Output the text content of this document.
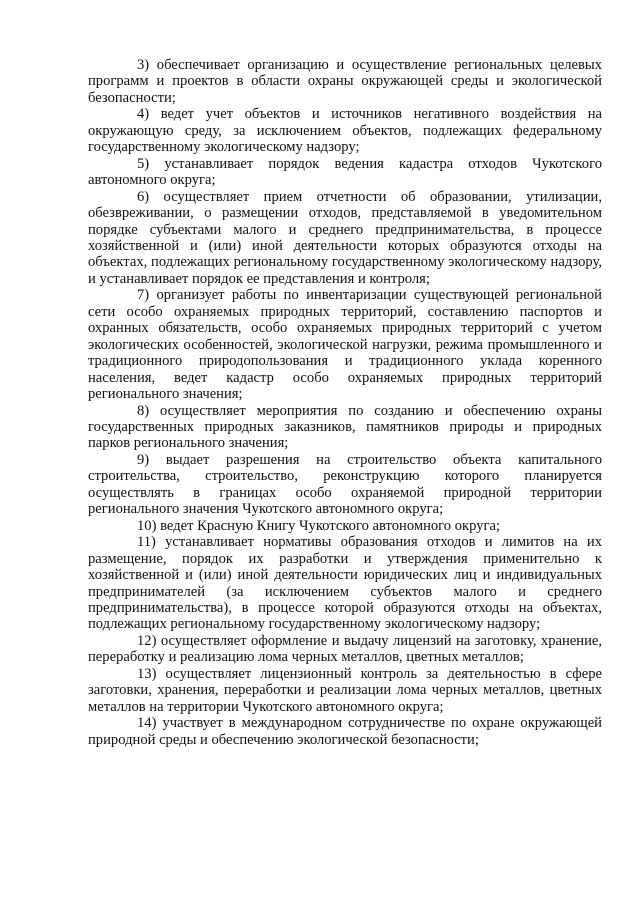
3) обеспечивает организацию и осуществление региональных целевых программ и проектов в области охраны окружающей среды и экологической безопасности;

4) ведет учет объектов и источников негативного воздействия на окружающую среду, за исключением объектов, подлежащих федеральному государственному экологическому надзору;

5) устанавливает порядок ведения кадастра отходов Чукотского автономного округа;

6) осуществляет прием отчетности об образовании, утилизации, обезвреживании, о размещении отходов, представляемой в уведомительном порядке субъектами малого и среднего предпринимательства, в процессе хозяйственной и (или) иной деятельности которых образуются отходы на объектах, подлежащих региональному государственному экологическому надзору, и устанавливает порядок ее представления и контроля;

7) организует работы по инвентаризации существующей региональной сети особо охраняемых природных территорий, составлению паспортов и охранных обязательств, особо охраняемых природных территорий с учетом экологических особенностей, экологической нагрузки, режима промышленного и традиционного природопользования и традиционного уклада коренного населения, ведет кадастр особо охраняемых природных территорий регионального значения;

8) осуществляет мероприятия по созданию и обеспечению охраны государственных природных заказников, памятников природы и природных парков регионального значения;

9) выдает разрешения на строительство объекта капитального строительства, строительство, реконструкцию которого планируется осуществлять в границах особо охраняемой природной территории регионального значения Чукотского автономного округа;

10) ведет Красную Книгу Чукотского автономного округа;

11) устанавливает нормативы образования отходов и лимитов на их размещение, порядок их разработки и утверждения применительно к хозяйственной и (или) иной деятельности юридических лиц и индивидуальных предпринимателей (за исключением субъектов малого и среднего предпринимательства), в процессе которой образуются отходы на объектах, подлежащих региональному государственному экологическому надзору;

12) осуществляет оформление и выдачу лицензий на заготовку, хранение, переработку и реализацию лома черных металлов, цветных металлов;

13) осуществляет лицензионный контроль за деятельностью в сфере заготовки, хранения, переработки и реализации лома черных металлов, цветных металлов на территории Чукотского автономного округа;

14) участвует в международном сотрудничестве по охране окружающей природной среды и обеспечению экологической безопасности;
